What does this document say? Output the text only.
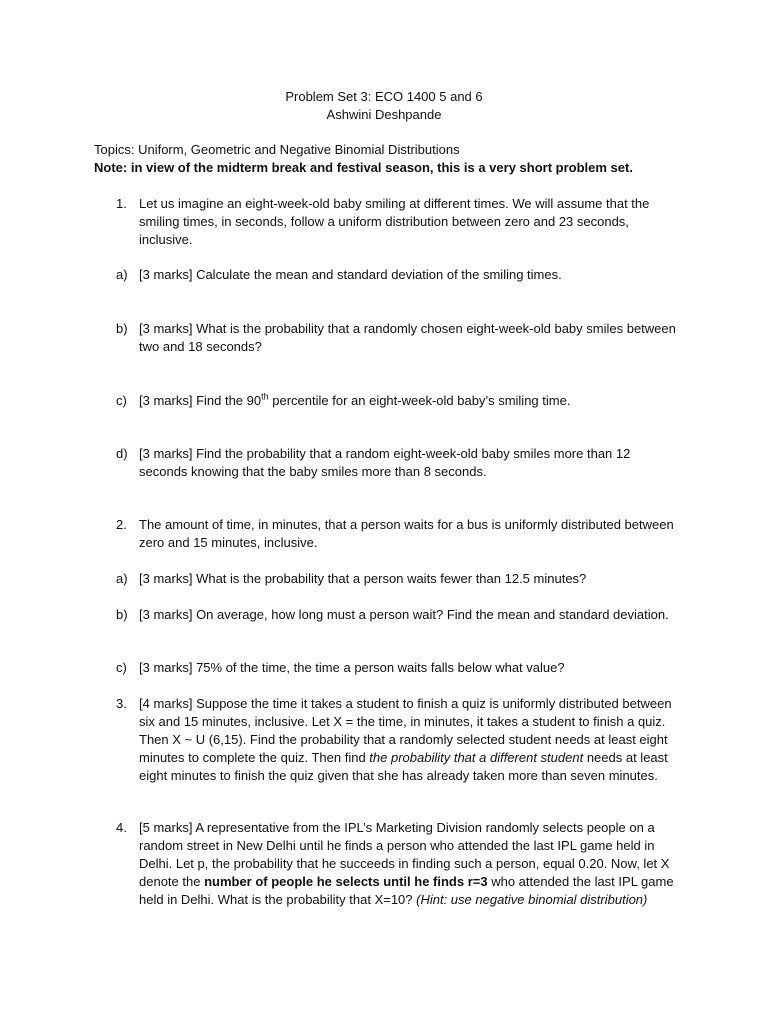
Problem Set 3: ECO 1400 5 and 6
Ashwini Deshpande
Topics: Uniform, Geometric and Negative Binomial Distributions
Note: in view of the midterm break and festival season, this is a very short problem set.
1. Let us imagine an eight-week-old baby smiling at different times. We will assume that the smiling times, in seconds, follow a uniform distribution between zero and 23 seconds, inclusive.
a) [3 marks] Calculate the mean and standard deviation of the smiling times.
b) [3 marks] What is the probability that a randomly chosen eight-week-old baby smiles between two and 18 seconds?
c) [3 marks] Find the 90th percentile for an eight-week-old baby’s smiling time.
d) [3 marks] Find the probability that a random eight-week-old baby smiles more than 12 seconds knowing that the baby smiles more than 8 seconds.
2. The amount of time, in minutes, that a person waits for a bus is uniformly distributed between zero and 15 minutes, inclusive.
a) [3 marks] What is the probability that a person waits fewer than 12.5 minutes?
b) [3 marks] On average, how long must a person wait? Find the mean and standard deviation.
c) [3 marks] 75% of the time, the time a person waits falls below what value?
3. [4 marks] Suppose the time it takes a student to finish a quiz is uniformly distributed between six and 15 minutes, inclusive. Let X = the time, in minutes, it takes a student to finish a quiz. Then X ~ U (6,15). Find the probability that a randomly selected student needs at least eight minutes to complete the quiz. Then find the probability that a different student needs at least eight minutes to finish the quiz given that she has already taken more than seven minutes.
4. [5 marks] A representative from the IPL’s Marketing Division randomly selects people on a random street in New Delhi until he finds a person who attended the last IPL game held in Delhi. Let p, the probability that he succeeds in finding such a person, equal 0.20. Now, let X denote the number of people he selects until he finds r=3 who attended the last IPL game held in Delhi. What is the probability that X=10? (Hint: use negative binomial distribution)
